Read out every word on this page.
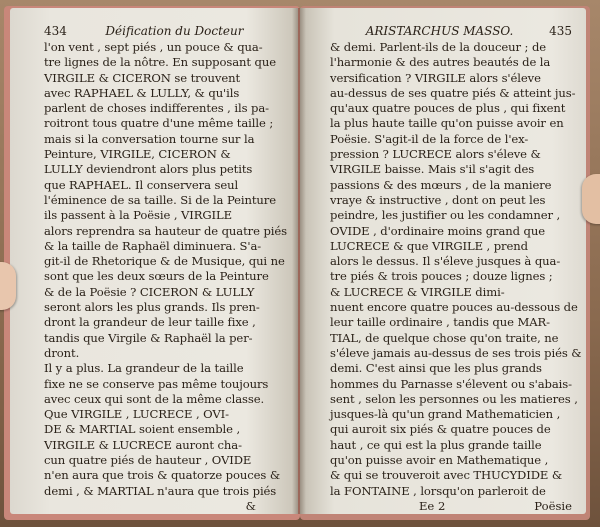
434	Déification du Docteur
l'on vent , sept piés , un pouce & qua-
tre lignes de la nôtre. En supposant que
VIRGILE & CICERON se trouvent
avec RAPHAEL & LULLY, & qu'ils
parlent de choses indifferentes , ils pa-
roitront tous quatre d'une même taille ;
mais si la conversation tourne sur la
Peinture, VIRGILE, CICERON &
LULLY deviendront alors plus petits
que RAPHAEL. Il conservera seul
l'éminence de sa taille. Si de la Peinture
ils passent à la Poësie , VIRGILE
alors reprendra sa hauteur de quatre piés
& la taille de Raphaël diminuera. S'a-
git-il de Rhetorique & de Musique, qui ne
sont que les deux sœurs de la Peinture
& de la Poësie ? CICERON & LULLY
seront alors les plus grands. Ils pren-
dront la grandeur de leur taille fixe ,
tandis que Virgile & Raphaël la per-
dront.
Il y a plus. La grandeur de la taille
fixe ne se conserve pas même toujours
avec ceux qui sont de la même classe.
Que VIRGILE , LUCRECE , OVI-
DE & MARTIAL soient ensemble ,
VIRGILE & LUCRECE auront cha-
cun quatre piés de hauteur , OVIDE
n'en aura que trois & quatorze pouces &
demi , & MARTIAL n'aura que trois piés
&
ARISTARCHUS MASSO.	435
& demi. Parlent-ils de la douceur ; de
l'harmonie & des autres beautés de la
versification ? VIRGILE alors s'éleve
au-dessus de ses quatre piés & atteint jus-
qu'aux quatre pouces de plus , qui fixent
la plus haute taille qu'on puisse avoir en
Poësie. S'agit-il de la force de l'ex-
pression ? LUCRECE alors s'éleve &
VIRGILE baisse. Mais s'il s'agit des
passions & des mœurs , de la maniere
vraye & instructive , dont on peut les
peindre, les justifier ou les condamner ,
OVIDE , d'ordinaire moins grand que
LUCRECE & que VIRGILE , prend
alors le dessus. Il s'éleve jusques à qua-
tre piés & trois pouces ; douze lignes ;
& LUCRECE & VIRGILE dimi-
nuent encore quatre pouces au-dessous de
leur taille ordinaire , tandis que MAR-
TIAL, de quelque chose qu'on traite, ne
s'éleve jamais au-dessus de ses trois piés &
demi. C'est ainsi que les plus grands
hommes du Parnasse s'élevent ou s'abais-
sent , selon les personnes ou les matieres ,
jusques-là qu'un grand Mathematicien ,
qui auroit six piés & quatre pouces de
haut , ce qui est la plus grande taille
qu'on puisse avoir en Mathematique ,
& qui se trouveroit avec THUCYDIDE &
la FONTAINE , lorsqu'on parleroit de
Ee 2	Poësie
